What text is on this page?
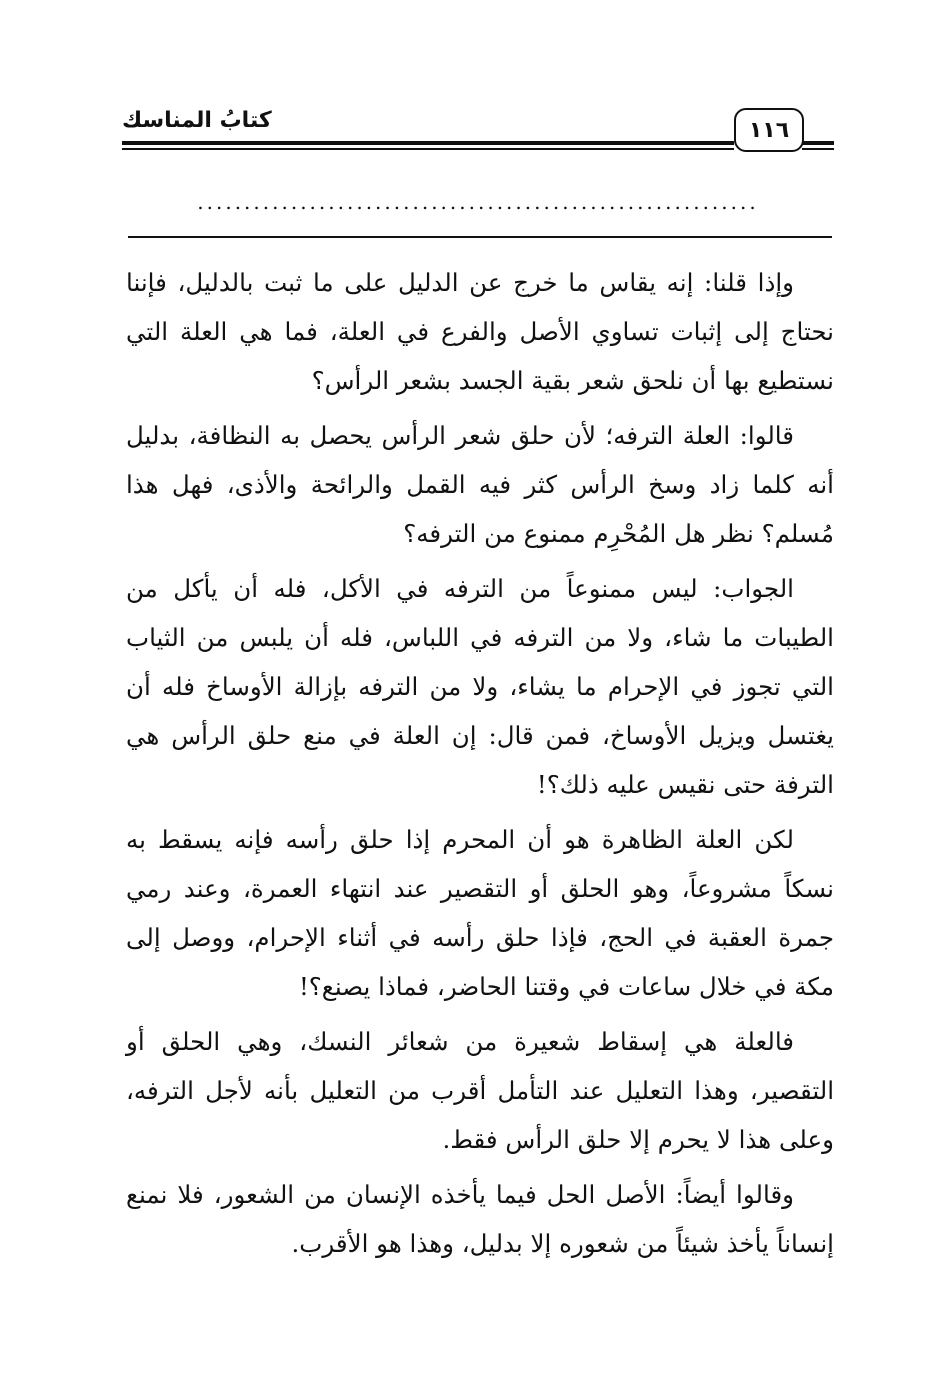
كتابُ المناسك	١١٦
............................................................

وإذا قلنا: إنه يقاس ما خرج عن الدليل على ما ثبت بالدليل، فإننا نحتاج إلى إثبات تساوي الأصل والفرع في العلة، فما هي العلة التي نستطيع بها أن نلحق شعر بقية الجسد بشعر الرأس؟

قالوا: العلة الترفه؛ لأن حلق شعر الرأس يحصل به النظافة، بدليل أنه كلما زاد وسخ الرأس كثر فيه القمل والرائحة والأذى، فهل هذا مُسلم؟ نظر هل المُحْرِم ممنوع من الترفه؟

الجواب: ليس ممنوعاً من الترفه في الأكل، فله أن يأكل من الطيبات ما شاء، ولا من الترفه في اللباس، فله أن يلبس من الثياب التي تجوز في الإحرام ما يشاء، ولا من الترفه بإزالة الأوساخ فله أن يغتسل ويزيل الأوساخ، فمن قال: إن العلة في منع حلق الرأس هي الترفة حتى نقيس عليه ذلك؟!

لكن العلة الظاهرة هو أن المحرم إذا حلق رأسه فإنه يسقط به نسكاً مشروعاً، وهو الحلق أو التقصير عند انتهاء العمرة، وعند رمي جمرة العقبة في الحج، فإذا حلق رأسه في أثناء الإحرام، ووصل إلى مكة في خلال ساعات في وقتنا الحاضر، فماذا يصنع؟!

فالعلة هي إسقاط شعيرة من شعائر النسك، وهي الحلق أو التقصير، وهذا التعليل عند التأمل أقرب من التعليل بأنه لأجل الترفه، وعلى هذا لا يحرم إلا حلق الرأس فقط.

وقالوا أيضاً: الأصل الحل فيما يأخذه الإنسان من الشعور، فلا نمنع إنساناً يأخذ شيئاً من شعوره إلا بدليل، وهذا هو الأقرب.
